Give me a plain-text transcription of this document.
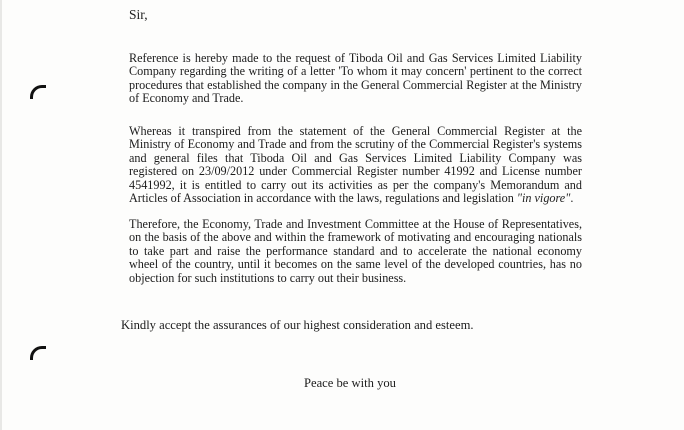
Sir,

Reference is hereby made to the request of Tiboda Oil and Gas Services Limited Liability Company regarding the writing of a letter 'To whom it may concern' pertinent to the correct procedures that established the company in the General Commercial Register at the Ministry of Economy and Trade.

Whereas it transpired from the statement of the General Commercial Register at the Ministry of Economy and Trade and from the scrutiny of the Commercial Register's systems and general files that Tiboda Oil and Gas Services Limited Liability Company was registered on 23/09/2012 under Commercial Register number 41992 and License number 4541992, it is entitled to carry out its activities as per the company's Memorandum and Articles of Association in accordance with the laws, regulations and legislation "in vigore".

Therefore, the Economy, Trade and Investment Committee at the House of Representatives, on the basis of the above and within the framework of motivating and encouraging nationals to take part and raise the performance standard and to accelerate the national economy wheel of the country, until it becomes on the same level of the developed countries, has no objection for such institutions to carry out their business.

Kindly accept the assurances of our highest consideration and esteem.
Peace be with you
